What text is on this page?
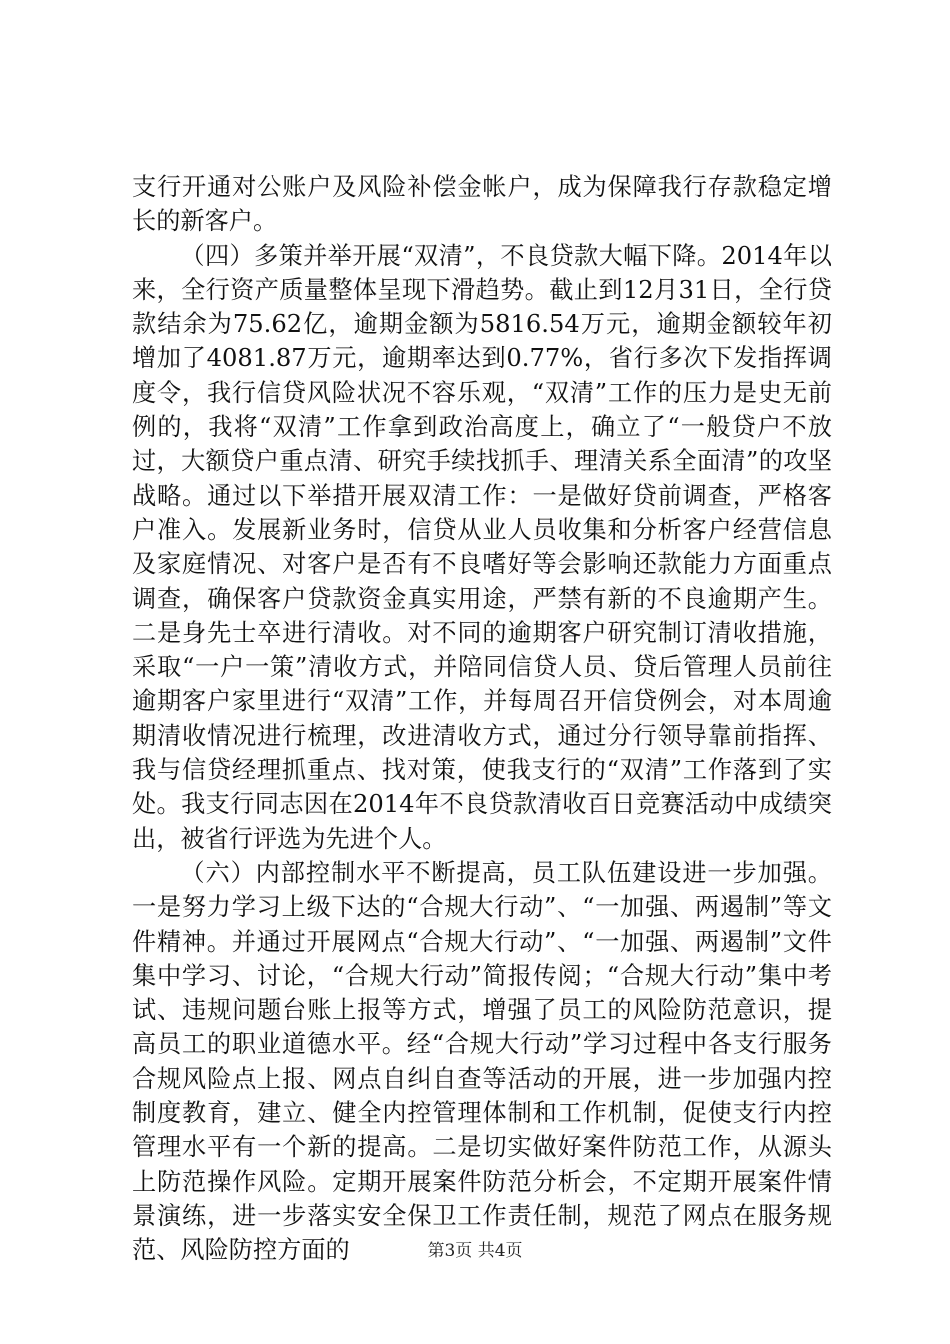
支行开通对公账户及风险补偿金帐户，成为保障我行存款稳定增长的新客户。

（四）多策并举开展“双清”，不良贷款大幅下降。2014年以来，全行资产质量整体呈现下滑趋势。截止到12月31日，全行贷款结余为75.62亿，逾期金额为5816.54万元，逾期金额较年初增加了4081.87万元，逾期率达到0.77%，省行多次下发指挥调度令，我行信贷风险状况不容乐观，“双清”工作的压力是史无前例的，我将“双清”工作拿到政治高度上，确立了“一般贷户不放过，大额贷户重点清、研究手续找抓手、理清关系全面清”的攻坚战略。通过以下举措开展双清工作：一是做好贷前调查，严格客户准入。发展新业务时，信贷从业人员收集和分析客户经营信息及家庭情况、对客户是否有不良嗜好等会影响还款能力方面重点调查，确保客户贷款资金真实用途，严禁有新的不良逾期产生。二是身先士卒进行清收。对不同的逾期客户研究制订清收措施，采取“一户一策”清收方式，并陪同信贷人员、贷后管理人员前往逾期客户家里进行“双清”工作，并每周召开信贷例会，对本周逾期清收情况进行梳理，改进清收方式，通过分行领导靠前指挥、我与信贷经理抓重点、找对策，使我支行的“双清”工作落到了实处。我支行同志因在2014年不良贷款清收百日竞赛活动中成绩突出，被省行评选为先进个人。

（六）内部控制水平不断提高，员工队伍建设进一步加强。一是努力学习上级下达的“合规大行动”、“一加强、两遏制”等文件精神。并通过开展网点“合规大行动”、“一加强、两遏制”文件集中学习、讨论，“合规大行动”简报传阅；“合规大行动”集中考试、违规问题台账上报等方式，增强了员工的风险防范意识，提高员工的职业道德水平。经“合规大行动”学习过程中各支行服务合规风险点上报、网点自纠自查等活动的开展，进一步加强内控制度教育，建立、健全内控管理体制和工作机制，促使支行内控管理水平有一个新的提高。二是切实做好案件防范工作，从源头上防范操作风险。定期开展案件防范分析会，不定期开展案件情景演练，进一步落实安全保卫工作责任制，规范了网点在服务规范、风险防控方面的	第3页 共4页
